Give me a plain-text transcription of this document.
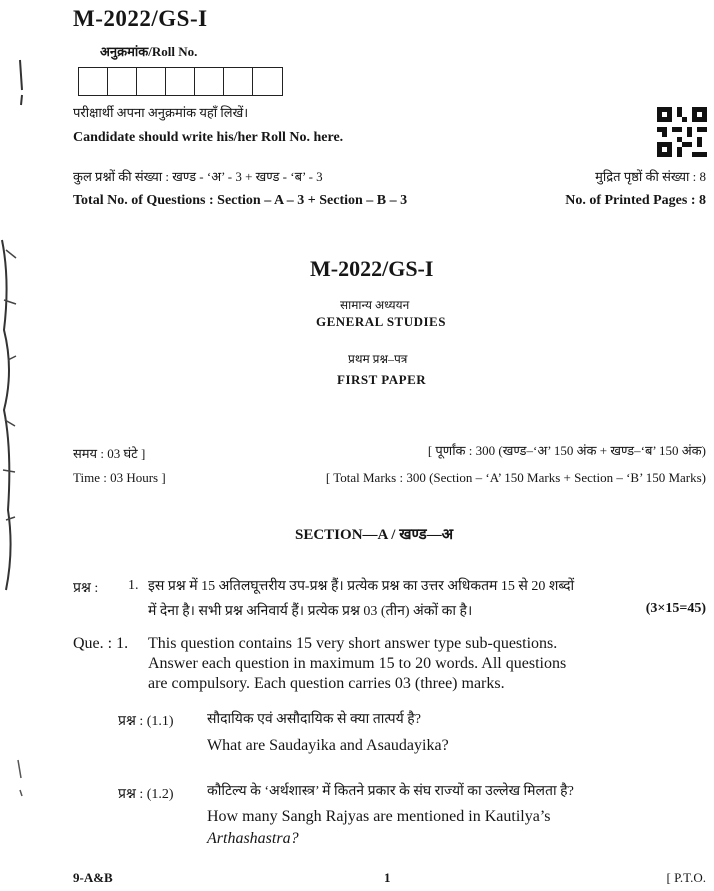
M-2022/GS-I
अनुक्रमांक/Roll No.
परीक्षार्थी अपना अनुक्रमांक यहाँ लिखें।
Candidate should write his/her Roll No. here.
कुल प्रश्नों की संख्या : खण्ड - ‘अ’ - 3 + खण्ड - ‘ब’ - 3	मुद्रित पृष्ठों की संख्या : 8
Total No. of Questions : Section – A – 3 + Section – B – 3	No. of Printed Pages : 8
M-2022/GS-I
सामान्य अध्ययन
GENERAL STUDIES
प्रथम प्रश्न–पत्र
FIRST PAPER
समय : 03 घंटे ]	[ पूर्णांक : 300 (खण्ड–‘अ’ 150 अंक + खण्ड–‘ब’ 150 अंक)
Time : 03 Hours ]	[ Total Marks : 300 (Section – ‘A’ 150 Marks + Section – ‘B’ 150 Marks)
SECTION—A / खण्ड—अ
प्रश्न : 1. इस प्रश्न में 15 अतिलघूत्तरीय उप-प्रश्न हैं। प्रत्येक प्रश्न का उत्तर अधिकतम 15 से 20 शब्दों
में देना है। सभी प्रश्न अनिवार्य हैं। प्रत्येक प्रश्न 03 (तीन) अंकों का है।	(3×15=45)
Que. : 1. This question contains 15 very short answer type sub-questions.
Answer each question in maximum 15 to 20 words. All questions
are compulsory. Each question carries 03 (three) marks.
प्रश्न : (1.1) सौदायिक एवं असौदायिक से क्या तात्पर्य है?
What are Saudayika and Asaudayika?
प्रश्न : (1.2) कौटिल्य के ‘अर्थशास्त्र’ में कितने प्रकार के संघ राज्यों का उल्लेख मिलता है?
How many Sangh Rajyas are mentioned in Kautilya’s
Arthashastra?
9-A&B	1	[ P.T.O.
